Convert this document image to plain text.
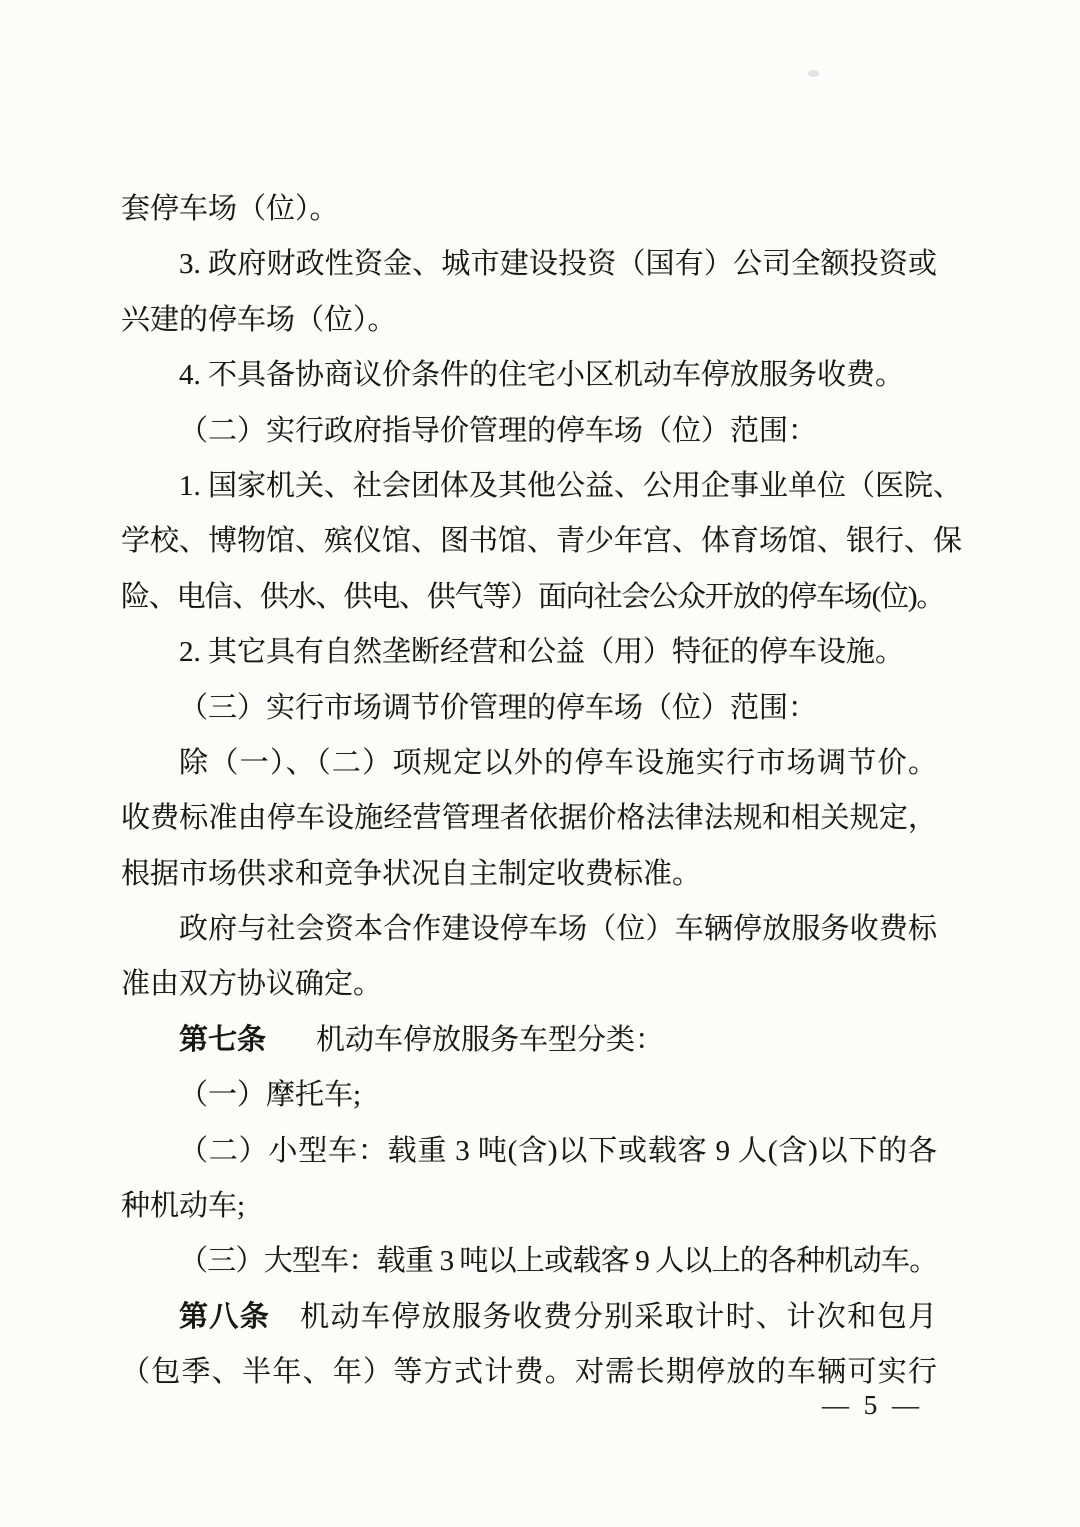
套停车场（位）。
3. 政府财政性资金、城市建设投资（国有）公司全额投资或
兴建的停车场（位）。
4. 不具备协商议价条件的住宅小区机动车停放服务收费。
（二）实行政府指导价管理的停车场（位）范围：
1. 国家机关、社会团体及其他公益、公用企事业单位（医院、
学校、博物馆、殡仪馆、图书馆、青少年宫、体育场馆、银行、保
险、电信、供水、供电、供气等）面向社会公众开放的停车场(位)。
2. 其它具有自然垄断经营和公益（用）特征的停车设施。
（三）实行市场调节价管理的停车场（位）范围：
除（一）、（二）项规定以外的停车设施实行市场调节价。
收费标准由停车设施经营管理者依据价格法律法规和相关规定，
根据市场供求和竞争状况自主制定收费标准。
政府与社会资本合作建设停车场（位）车辆停放服务收费标
准由双方协议确定。
第七条 机动车停放服务车型分类：
（一）摩托车;
（二）小型车：载重 3 吨(含)以下或载客 9 人(含)以下的各
种机动车;
（三）大型车：载重 3 吨以上或载客 9 人以上的各种机动车。
第八条 机动车停放服务收费分别采取计时、计次和包月
（包季、半年、年）等方式计费。对需长期停放的车辆可实行
— 5 —
